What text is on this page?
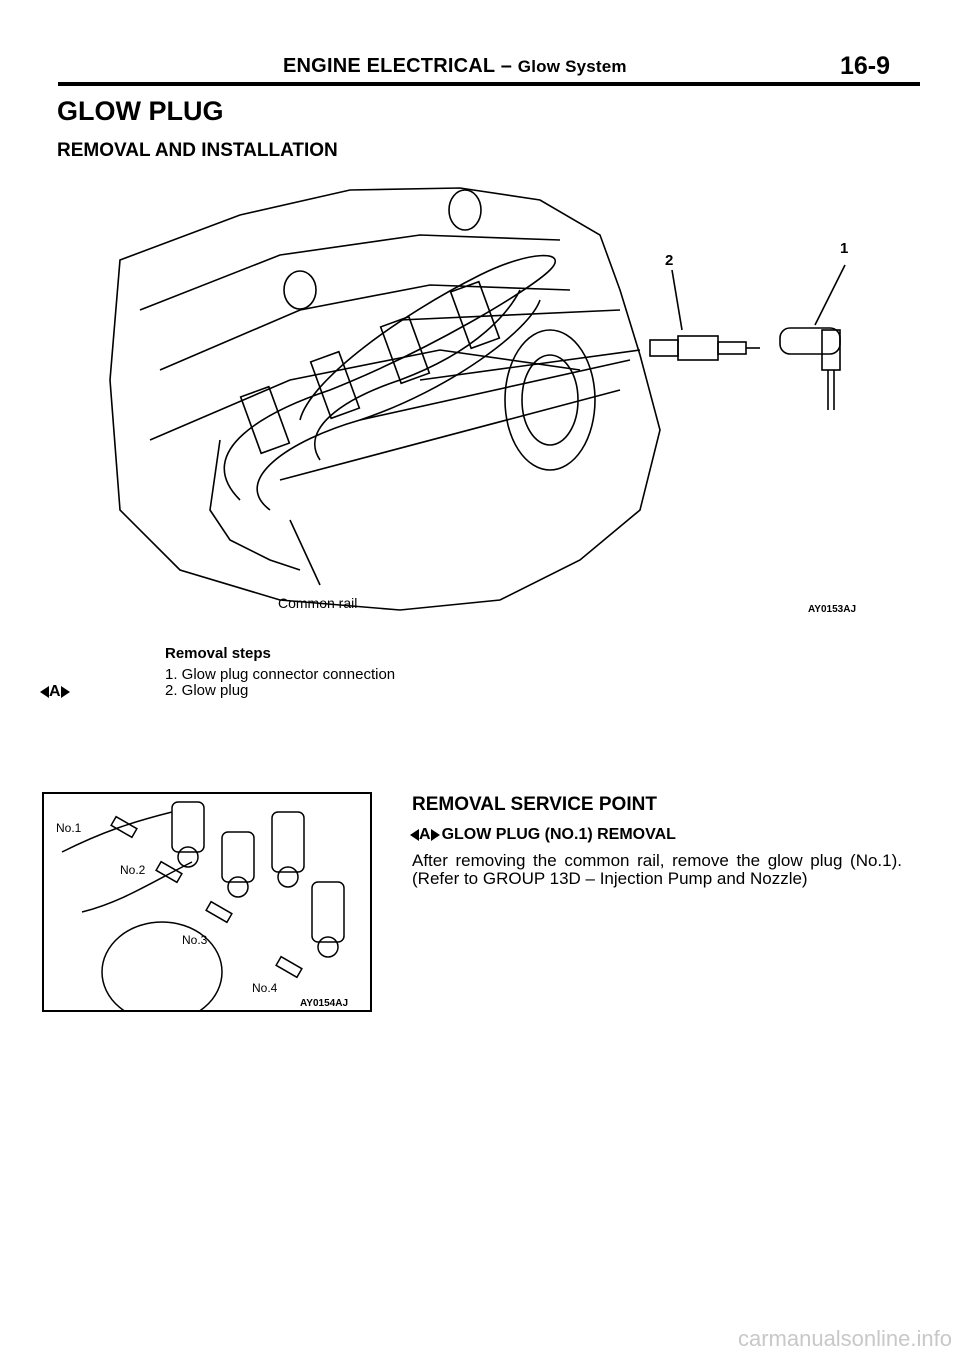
ENGINE ELECTRICAL – Glow System	16-9
GLOW PLUG
REMOVAL AND INSTALLATION
2
1
Common rail	AY0153AJ
Removal steps
1. Glow plug connector connection
2. Glow plug
A
No.1
No.2
No.3
No.4
AY0154AJ
REMOVAL SERVICE POINT
A GLOW PLUG (NO.1) REMOVAL
After removing the common rail, remove the glow plug (No.1). (Refer to GROUP 13D – Injection Pump and Nozzle)
carmanualsonline.info
